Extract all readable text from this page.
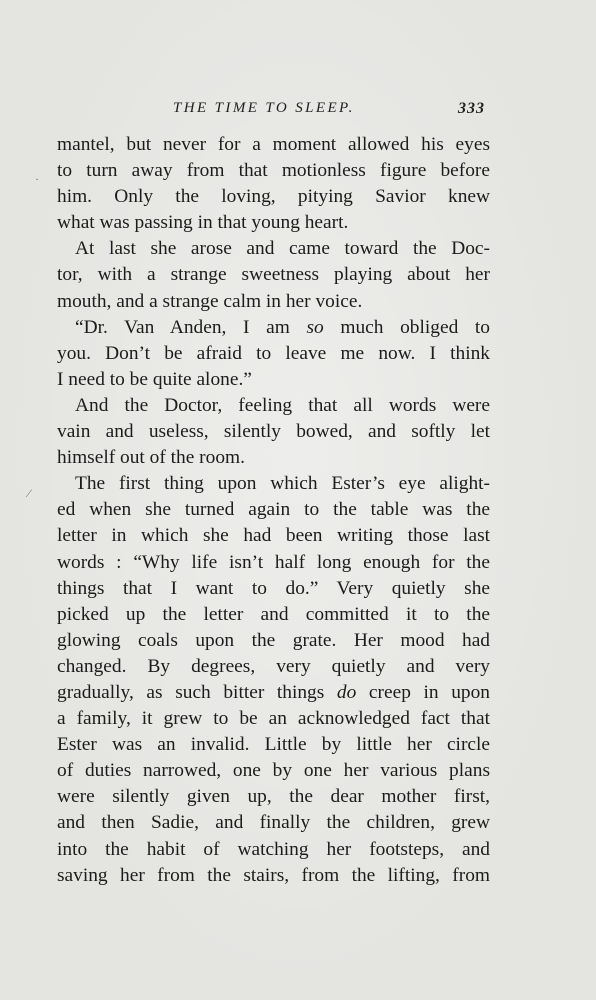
THE TIME TO SLEEP.	333
·
⁄
mantel, but never for a moment allowed his eyes
to turn away from that motionless figure before
him. Only the loving, pitying Savior knew
what was passing in that young heart.
At last she arose and came toward the Doc-
tor, with a strange sweetness playing about her
mouth, and a strange calm in her voice.
“Dr. Van Anden, I am so much obliged to
you. Don’t be afraid to leave me now. I think
I need to be quite alone.”
And the Doctor, feeling that all words were
vain and useless, silently bowed, and softly let
himself out of the room.
The first thing upon which Ester’s eye alight-
ed when she turned again to the table was the
letter in which she had been writing those last
words : “Why life isn’t half long enough for the
things that I want to do.” Very quietly she
picked up the letter and committed it to the
glowing coals upon the grate. Her mood had
changed. By degrees, very quietly and very
gradually, as such bitter things do creep in upon
a family, it grew to be an acknowledged fact that
Ester was an invalid. Little by little her circle
of duties narrowed, one by one her various plans
were silently given up, the dear mother first,
and then Sadie, and finally the children, grew
into the habit of watching her footsteps, and
saving her from the stairs, from the lifting, from
